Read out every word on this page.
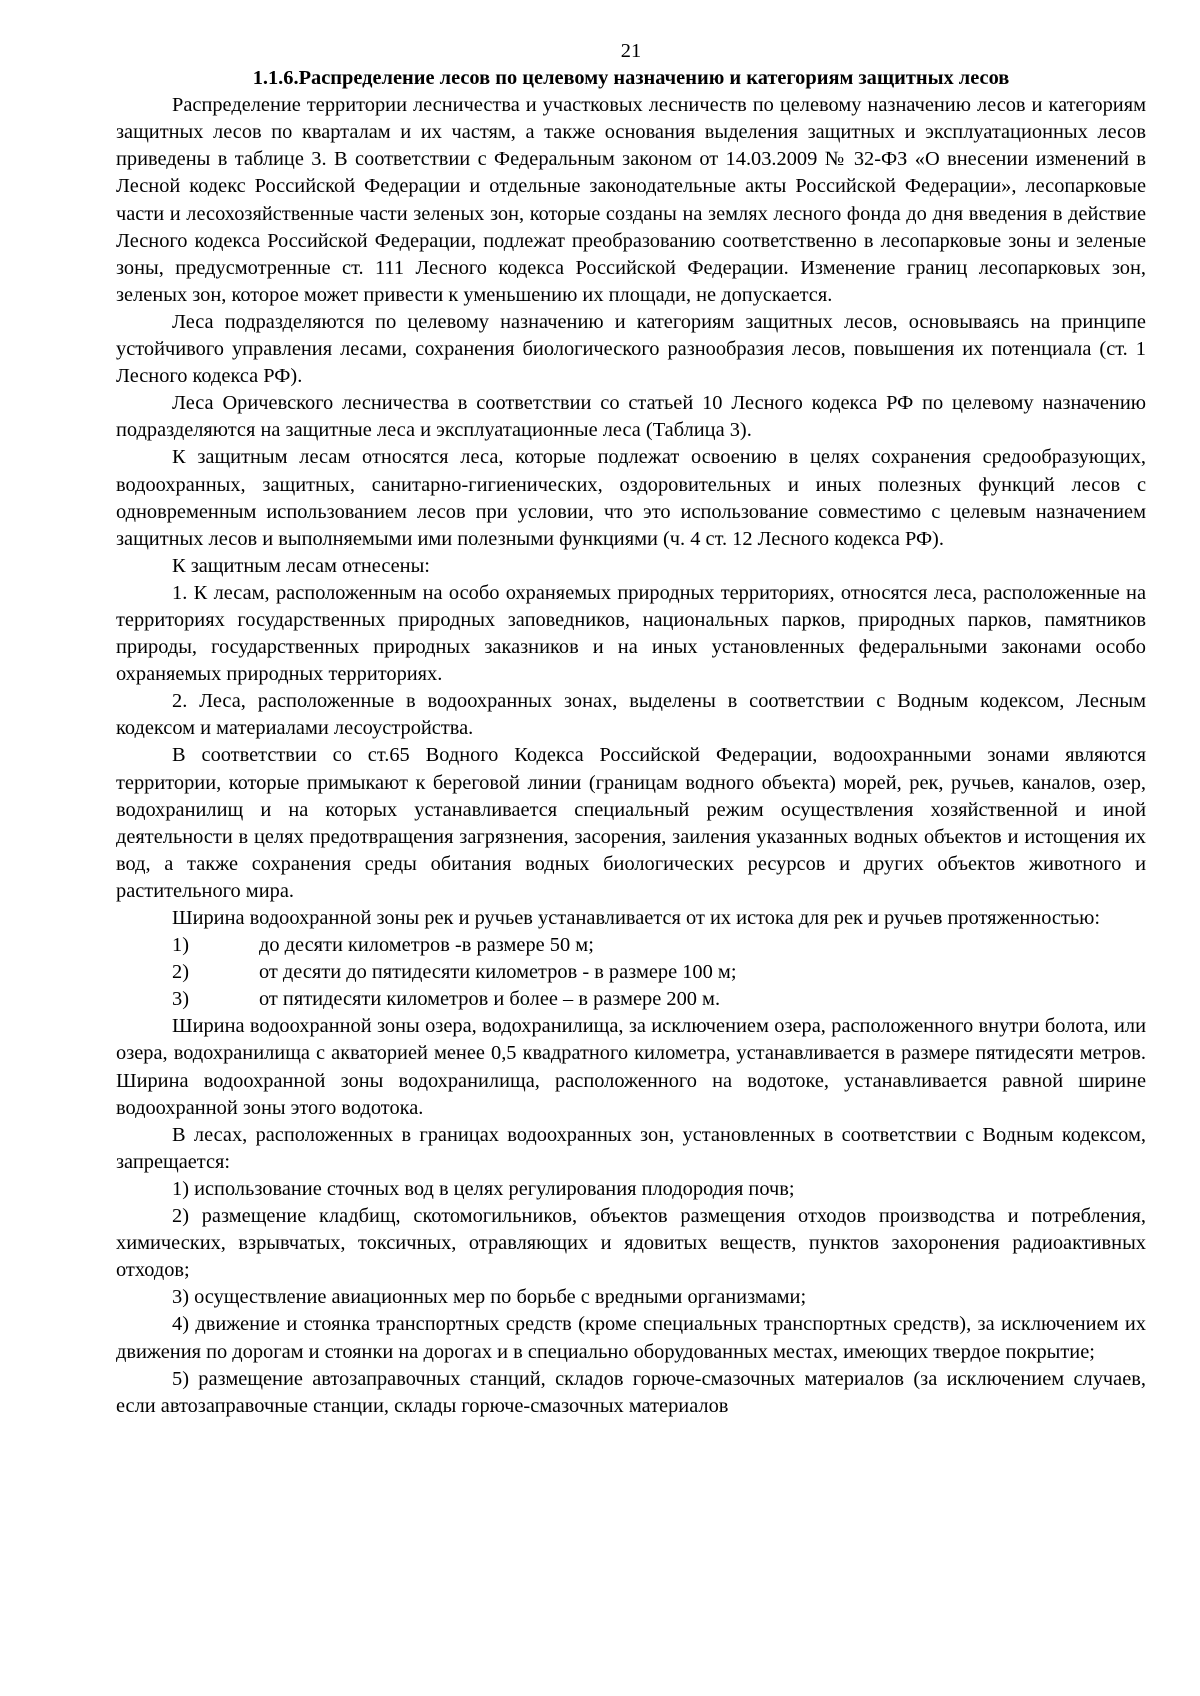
21

1.1.6.Распределение лесов по целевому назначению и категориям защитных лесов

Распределение территории лесничества и участковых лесничеств по целевому назначению лесов и категориям защитных лесов по кварталам и их частям, а также основания выделения защитных и эксплуатационных лесов приведены в таблице 3. В соответствии с Федеральным законом от 14.03.2009 № 32-ФЗ «О внесении изменений в Лесной кодекс Российской Федерации и отдельные законодательные акты Российской Федерации», лесопарковые части и лесохозяйственные части зеленых зон, которые созданы на землях лесного фонда до дня введения в действие Лесного кодекса Российской Федерации, подлежат преобразованию соответственно в лесопарковые зоны и зеленые зоны, предусмотренные ст. 111 Лесного кодекса Российской Федерации. Изменение границ лесопарковых зон, зеленых зон, которое может привести к уменьшению их площади, не допускается.

Леса подразделяются по целевому назначению и категориям защитных лесов, основываясь на принципе устойчивого управления лесами, сохранения биологического разнообразия лесов, повышения их потенциала (ст. 1 Лесного кодекса РФ).

Леса Оричевского лесничества в соответствии со статьей 10 Лесного кодекса РФ по целевому назначению подразделяются на защитные леса и эксплуатационные леса (Таблица 3).

К защитным лесам относятся леса, которые подлежат освоению в целях сохранения средообразующих, водоохранных, защитных, санитарно-гигиенических, оздоровительных и иных полезных функций лесов с одновременным использованием лесов при условии, что это использование совместимо с целевым назначением защитных лесов и выполняемыми ими полезными функциями (ч. 4 ст. 12 Лесного кодекса РФ).

К защитным лесам отнесены:

1. К лесам, расположенным на особо охраняемых природных территориях, относятся леса, расположенные на территориях государственных природных заповедников, национальных парков, природных парков, памятников природы, государственных природных заказников и на иных установленных федеральными законами особо охраняемых природных территориях.

2. Леса, расположенные в водоохранных зонах, выделены в соответствии с Водным кодексом, Лесным кодексом и материалами лесоустройства.

В соответствии со ст.65 Водного Кодекса Российской Федерации, водоохранными зонами являются территории, которые примыкают к береговой линии (границам водного объекта) морей, рек, ручьев, каналов, озер, водохранилищ и на которых устанавливается специальный режим осуществления хозяйственной и иной деятельности в целях предотвращения загрязнения, засорения, заиления указанных водных объектов и истощения их вод, а также сохранения среды обитания водных биологических ресурсов и других объектов животного и растительного мира.

Ширина водоохранной зоны рек и ручьев устанавливается от их истока для рек и ручьев протяженностью:

1)	до десяти километров -в размере 50 м;
2)	от десяти до пятидесяти километров - в размере 100 м;
3)	от пятидесяти километров и более – в размере 200 м.

Ширина водоохранной зоны озера, водохранилища, за исключением озера, расположенного внутри болота, или озера, водохранилища с акваторией менее 0,5 квадратного километра, устанавливается в размере пятидесяти метров. Ширина водоохранной зоны водохранилища, расположенного на водотоке, устанавливается равной ширине водоохранной зоны этого водотока.

В лесах, расположенных в границах водоохранных зон, установленных в соответствии с Водным кодексом, запрещается:

1) использование сточных вод в целях регулирования плодородия почв;

2) размещение кладбищ, скотомогильников, объектов размещения отходов производства и потребления, химических, взрывчатых, токсичных, отравляющих и ядовитых веществ, пунктов захоронения радиоактивных отходов;

3) осуществление авиационных мер по борьбе с вредными организмами;

4) движение и стоянка транспортных средств (кроме специальных транспортных средств), за исключением их движения по дорогам и стоянки на дорогах и в специально оборудованных местах, имеющих твердое покрытие;

5) размещение автозаправочных станций, складов горюче-смазочных материалов (за исключением случаев, если автозаправочные станции, склады горюче-смазочных материалов
